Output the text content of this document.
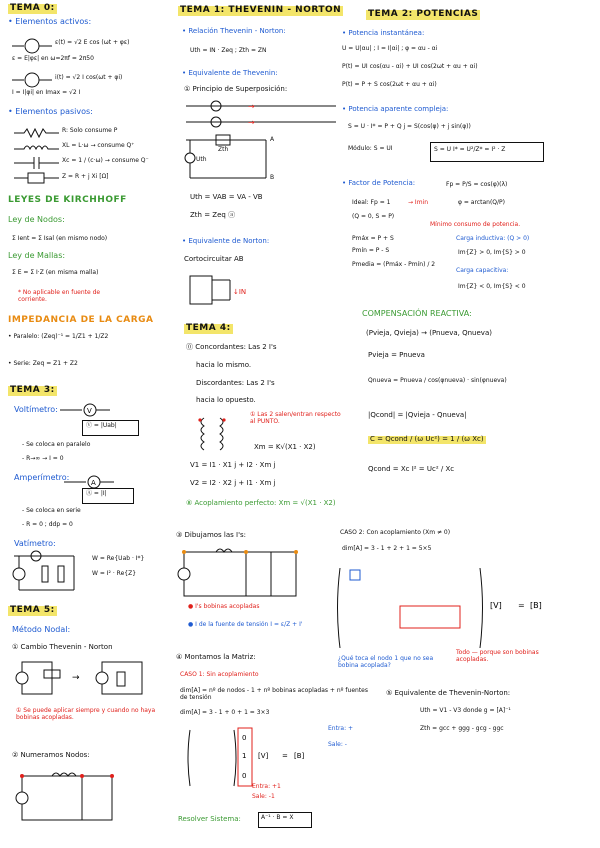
TEMA 0:
• Elementos activos:
ε(t) = √2 E cos (ωt + φε)
ε = E|φε| en ω=2πf = 2π50
i(t) = √2 I cos(ωt + φi)
I = I|φi| en Imax = √2 I
• Elementos pasivos:
R: Solo consume P
XL = L·ω → consume Q⁺
Xc = 1 / (c·ω) → consume Q⁻
Z = R + j Xi [Ω]
LEYES DE KIRCHHOFF
Ley de Nodos:
Σ Ient = Σ Isal (en mismo nodo)
Ley de Mallas:
Σ E = Σ I·Z (en misma malla)
* No aplicable en fuente de corriente.
IMPEDANCIA DE LA CARGA
• Paralelo: (Zeq)⁻¹ = 1/Z1 + 1/Z2
• Serie: Zeq = Z1 + Z2
TEMA 3:
Voltímetro:	V
Ⓥ = |Uab|
- Se coloca en paralelo
- R→∞ → I = 0
Amperímetro:
A
Ⓐ = |I|
- Se coloca en serie
- R = 0 ; ddp = 0
Vatímetro:
W = Re{Uab · I*}
W = I² · Re{Z}
TEMA 5:
Método Nodal:
① Cambio Thevenin - Norton
→
① Se puede aplicar siempre y cuando no haya bobinas acopladas.
② Numeramos Nodos:
TEMA 1: THEVENIN - NORTON
• Relación Thevenin - Norton:
Uth = IN · Zeq ; Zth = ZN
• Equivalente de Thevenin:
① Principio de Superposición:
→
→
Zth
Uth
A
B
Uth = VAB = VA - VB
Zth = Zeq ⓐ
• Equivalente de Norton:
Cortocircuitar AB
↓IN
TEMA 4:
⓪ Concordantes: Las 2 I's
hacia lo mismo.
Discordantes: Las 2 I's
hacia lo opuesto.
① Las 2 salen/entran respecto al PUNTO.
Xm = K√(X1 · X2)
V1 = I1 · X1 j + I2 · Xm j
V2 = I2 · X2 j + I1 · Xm j
⑧ Acoplamiento perfecto: Xm = √(X1 · X2)
③ Dibujamos las I's:
● I's bobinas acopladas
● I de la fuente de tensión I = ε/Z + I'
④ Montamos la Matriz:
CASO 1: Sin acoplamiento
dim[A] = nº de nodos - 1 + nº bobinas acopladas + nº fuentes de tensión
dim[A] = 3 - 1 + 0 + 1 = 3×3
0
1
0
[V] = [B]
Entra: +
Sale: -
Entra: +1
Sale: -1
Resolver Sistema:	A⁻¹ · B = X
TEMA 2: POTENCIAS
• Potencia instantánea:
U = U|αu| ; I = I|αi| ; φ = αu - αi
P(t) = UI cos(αu - αi) + UI cos(2ωt + αu + αi)
P(t) = P + S cos(2ωt + αu + αi)
• Potencia aparente compleja:
S = U · I* = P + Q j = S(cos(φ) + j sin(φ))
Módulo: S = UI	S = U I* = U²/Z* = I² · Z
• Factor de Potencia:	Fp = P/S = cos(φ)(λ)
Ideal: Fp = 1	→ Imin	φ = arctan(Q/P)
(Q = 0, S = P)
Mínimo consumo de potencia.
Pmáx = P + S
Pmín = P - S
Pmedia = (Pmáx - Pmín) / 2
Carga inductiva: (Q > 0)
Im{Z} > 0, Im{S} > 0
Carga capacitiva:
Im{Z} < 0, Im{S} < 0
COMPENSACIÓN REACTIVA:
(Pvieja, Qvieja) → (Pnueva, Qnueva)
Pvieja = Pnueva
Qnueva = Pnueva / cos(φnueva) · sin(φnueva)
|Qcond| = |Qvieja - Qnueva|
C = Qcond / (ω Uc²) = 1 / (ω Xc)
Qcond = Xc I² = Uc² / Xc
CASO 2: Con acoplamiento (Xm ≠ 0)
dim[A] = 3 - 1 + 2 + 1 = 5×5
[V] = [B]
Todo — porque son bobinas acopladas.
¿Qué toca el nodo 1 que no sea bobina acoplada?
⑤ Equivalente de Thevenin-Norton:
Uth = V1 - V3 donde g = [A]⁻¹
Zth = gcc + ggg - gcg - ggc
